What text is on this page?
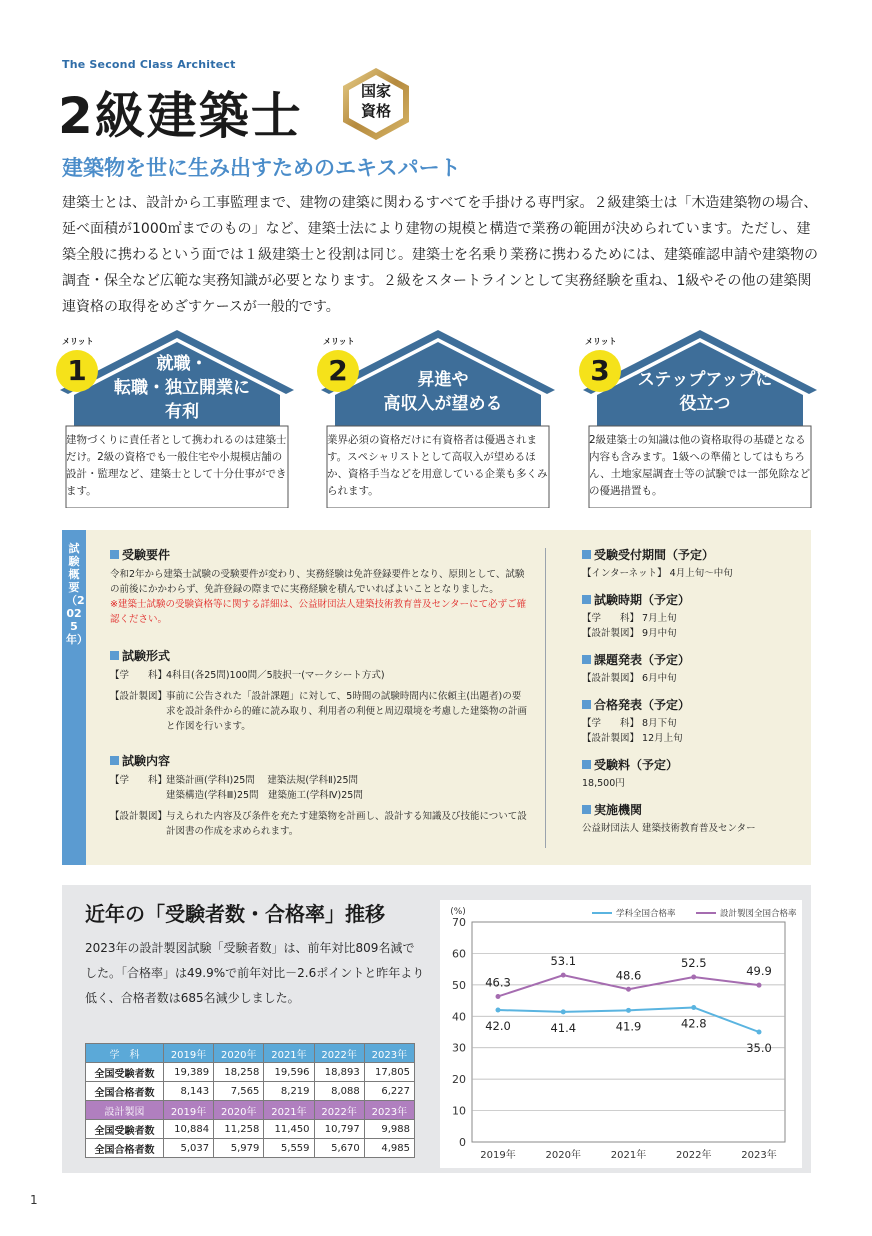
The Second Class Architect
2級建築士	国家
資格
建築物を世に生み出すためのエキスパート
建築士とは、設計から工事監理まで、建物の建築に関わるすべてを手掛ける専門家。２級建築士は「木造建築物の場合、延べ面積が1000㎡までのもの」など、建築士法により建物の規模と構造で業務の範囲が決められています。ただし、建築全般に携わるという面では１級建築士と役割は同じ。建築士を名乗り業務に携わるためには、建築確認申請や建築物の調査・保全など広範な実務知識が必要となります。２級をスタートラインとして実務経験を重ね、1級やその他の建築関連資格の取得をめざすケースが一般的です。
メリット
1	就職・
転職・独立開業に
有利
建物づくりに責任者として携われるのは建築士だけ。2級の資格でも一般住宅や小規模店舗の設計・監理など、建築士として十分仕事ができます。
メリット
2	昇進や
高収入が望める
業界必須の資格だけに有資格者は優遇されます。スペシャリストとして高収入が望めるほか、資格手当などを用意している企業も多くみられます。
メリット
3	ステップアップに
役立つ
2級建築士の知識は他の資格取得の基礎となる内容も含みます。1級への準備としてはもちろん、土地家屋調査士等の試験では一部免除などの優遇措置も。
試験概要（2025年）
受験要件
令和2年から建築士試験の受験要件が変わり、実務経験は免許登録要件となり、原則として、試験の前後にかかわらず、免許登録の際までに実務経験を積んでいればよいこととなりました。
※建築士試験の受験資格等に関する詳細は、公益財団法人建築技術教育普及センターにて必ずご確認ください。
試験形式
【学　　科】
4科目(各25問)100問／5肢択一(マークシート方式)
【設計製図】
事前に公告された「設計課題」に対して、5時間の試験時間内に依頼主(出題者)の要求を設計条件から的確に読み取り、利用者の利便と周辺環境を考慮した建築物の計画と作図を行います。
試験内容
【学　　科】
建築計画(学科Ⅰ)25問　 建築法規(学科Ⅱ)25問
建築構造(学科Ⅲ)25問　建築施工(学科Ⅳ)25問
【設計製図】
与えられた内容及び条件を充たす建築物を計画し、設計する知識及び技能について設計図書の作成を求められます。
受験受付期間（予定）
【インターネット】 4月上旬～中旬
試験時期（予定）
【学　　科】 7月上旬
【設計製図】 9月中旬
課題発表（予定）
【設計製図】 6月中旬
合格発表（予定）
【学　　科】 8月下旬
【設計製図】 12月上旬
受験料（予定）
18,500円
実施機関
公益財団法人 建築技術教育普及センター
近年の「受験者数・合格率」推移
2023年の設計製図試験「受験者数」は、前年対比809名減でした。「合格率」は49.9%で前年対比－2.6ポイントと昨年より低く、合格者数は685名減少しました。
学　科	2019年	2020年	2021年	2022年	2023年
全国受験者数	19,389	18,258	19,596	18,893	17,805
全国合格者数	8,143	7,565	8,219	8,088	6,227
設計製図	2019年	2020年	2021年	2022年	2023年
全国受験者数	10,884	11,258	11,450	10,797	9,988
全国合格者数	5,037	5,979	5,559	5,670	4,985	0
10
20
30
40
50
60
70
(%)
2019年	2020年	2021年	2022年	2023年
42.0	41.4	41.9	42.8
35.0
46.3
53.1
48.6
52.5
49.9
学科全国合格率	設計製図全国合格率
1
